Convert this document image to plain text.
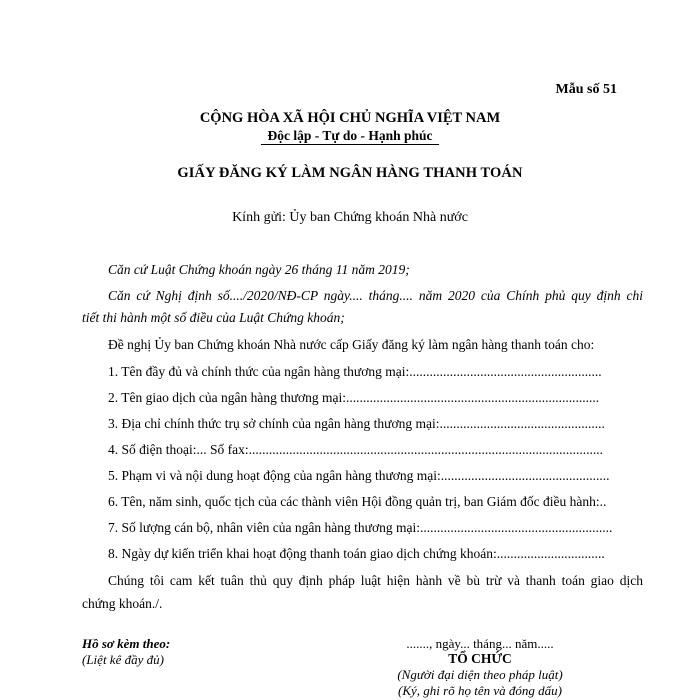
Mẫu số 51
CỘNG HÒA XÃ HỘI CHỦ NGHĨA VIỆT NAM
Độc lập - Tự do - Hạnh phúc
GIẤY ĐĂNG KÝ LÀM NGÂN HÀNG THANH TOÁN
Kính gửi: Ủy ban Chứng khoán Nhà nước
Căn cứ Luật Chứng khoán ngày 26 tháng 11 năm 2019;
Căn cứ Nghị định số..../2020/NĐ-CP ngày.... tháng.... năm 2020 của Chính phủ quy định chi
tiết thi hành một số điều của Luật Chứng khoán;
Đề nghị Ủy ban Chứng khoán Nhà nước cấp Giấy đăng ký làm ngân hàng thanh toán cho:
1. Tên đầy đủ và chính thức của ngân hàng thương mại:.........................................................
2. Tên giao dịch của ngân hàng thương mại:...........................................................................
3. Địa chỉ chính thức trụ sở chính của ngân hàng thương mại:.................................................
4. Số điện thoại:... Số fax:.........................................................................................................
5. Phạm vi và nội dung hoạt động của ngân hàng thương mại:..................................................
6. Tên, năm sinh, quốc tịch của các thành viên Hội đồng quản trị, ban Giám đốc điều hành:..
7. Số lượng cán bộ, nhân viên của ngân hàng thương mại:.........................................................
8. Ngày dự kiến triển khai hoạt động thanh toán giao dịch chứng khoán:................................
Chúng tôi cam kết tuân thủ quy định pháp luật hiện hành về bù trừ và thanh toán giao dịch
chứng khoán./.
Hồ sơ kèm theo:
(Liệt kê đầy đủ)
......., ngày... tháng... năm.....
TỔ CHỨC
(Người đại diện theo pháp luật)
(Ký, ghi rõ họ tên và đóng dấu)
